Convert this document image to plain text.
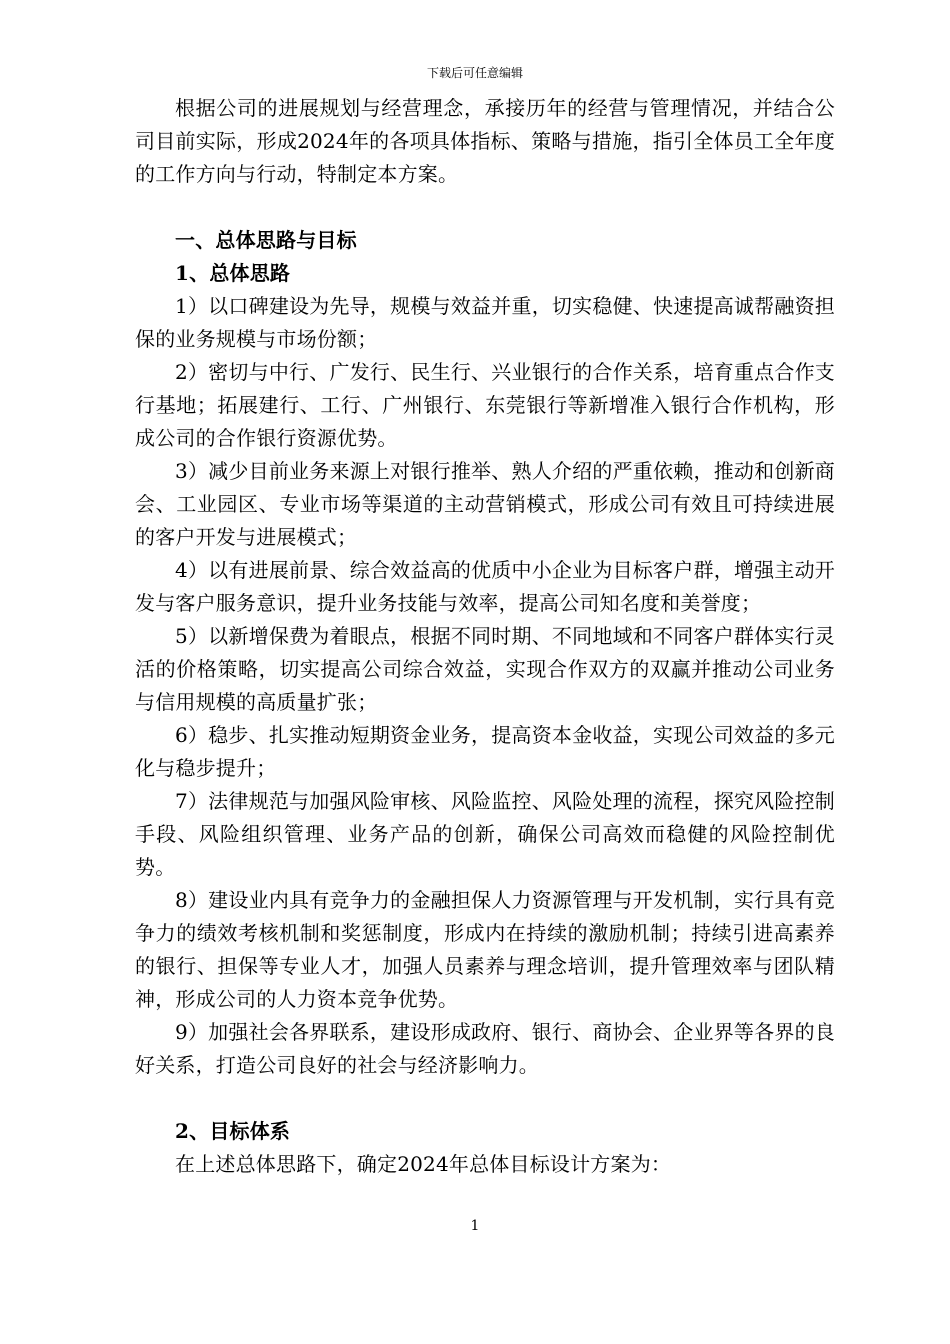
下载后可任意编辑

根据公司的进展规划与经营理念，承接历年的经营与管理情况，并结合公司目前实际，形成2024年的各项具体指标、策略与措施，指引全体员工全年度的工作方向与行动，特制定本方案。

一、总体思路与目标

1、总体思路

1）以口碑建设为先导，规模与效益并重，切实稳健、快速提高诚帮融资担保的业务规模与市场份额；

2）密切与中行、广发行、民生行、兴业银行的合作关系，培育重点合作支行基地；拓展建行、工行、广州银行、东莞银行等新增准入银行合作机构，形成公司的合作银行资源优势。

3）减少目前业务来源上对银行推举、熟人介绍的严重依赖，推动和创新商会、工业园区、专业市场等渠道的主动营销模式，形成公司有效且可持续进展的客户开发与进展模式；

4）以有进展前景、综合效益高的优质中小企业为目标客户群，增强主动开发与客户服务意识，提升业务技能与效率，提高公司知名度和美誉度；

5）以新增保费为着眼点，根据不同时期、不同地域和不同客户群体实行灵活的价格策略，切实提高公司综合效益，实现合作双方的双赢并推动公司业务与信用规模的高质量扩张；

6）稳步、扎实推动短期资金业务，提高资本金收益，实现公司效益的多元化与稳步提升；

7）法律规范与加强风险审核、风险监控、风险处理的流程，探究风险控制手段、风险组织管理、业务产品的创新，确保公司高效而稳健的风险控制优势。

8）建设业内具有竞争力的金融担保人力资源管理与开发机制，实行具有竞争力的绩效考核机制和奖惩制度，形成内在持续的激励机制；持续引进高素养的银行、担保等专业人才，加强人员素养与理念培训，提升管理效率与团队精神，形成公司的人力资本竞争优势。

9）加强社会各界联系，建设形成政府、银行、商协会、企业界等各界的良好关系，打造公司良好的社会与经济影响力。

2、目标体系

在上述总体思路下，确定2024年总体目标设计方案为：

1
